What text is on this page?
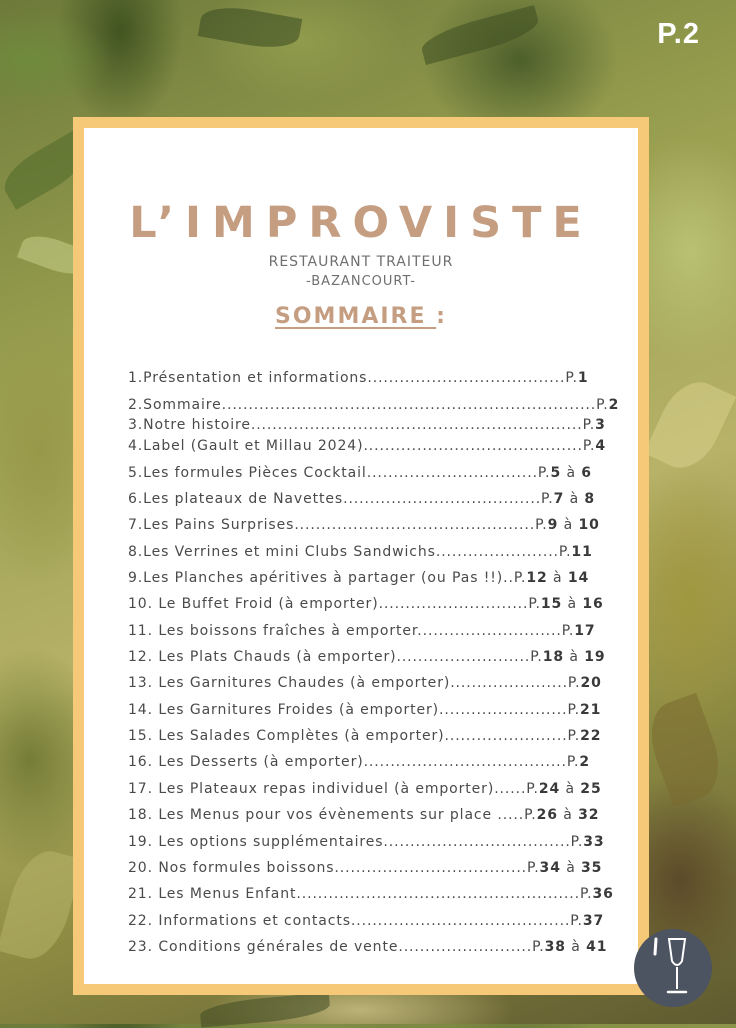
P.2
L’IMPROVISTE
RESTAURANT TRAITEUR
-BAZANCOURT-
SOMMAIRE :
1.Présentation et informations.....................................P.1
2.Sommaire......................................................................P.2
3.Notre histoire..............................................................P.3
4.Label (Gault et Millau 2024).........................................P.4
5.Les formules Pièces Cocktail................................P.5 à 6
6.Les plateaux de Navettes.....................................P.7 à 8
7.Les Pains Surprises.............................................P.9 à 10
8.Les Verrines et mini Clubs Sandwichs.......................P.11
9.Les Planches apéritives à partager (ou Pas !!)..P.12 à 14
10. Le Buffet Froid (à emporter)............................P.15 à 16
11. Les boissons fraîches à emporter...........................P.17
12. Les Plats Chauds (à emporter).........................P.18 à 19
13. Les Garnitures Chaudes (à emporter)......................P.20
14. Les Garnitures Froides (à emporter)........................P.21
15. Les Salades Complètes (à emporter).......................P.22
16. Les Desserts (à emporter)......................................P.2
17. Les Plateaux repas individuel (à emporter)......P.24 à 25
18. Les Menus pour vos évènements sur place .....P.26 à 32
19. Les options supplémentaires...................................P.33
20. Nos formules boissons....................................P.34 à 35
21. Les Menus Enfant.....................................................P.36
22. Informations et contacts.........................................P.37
23. Conditions générales de vente.........................P.38 à 41
